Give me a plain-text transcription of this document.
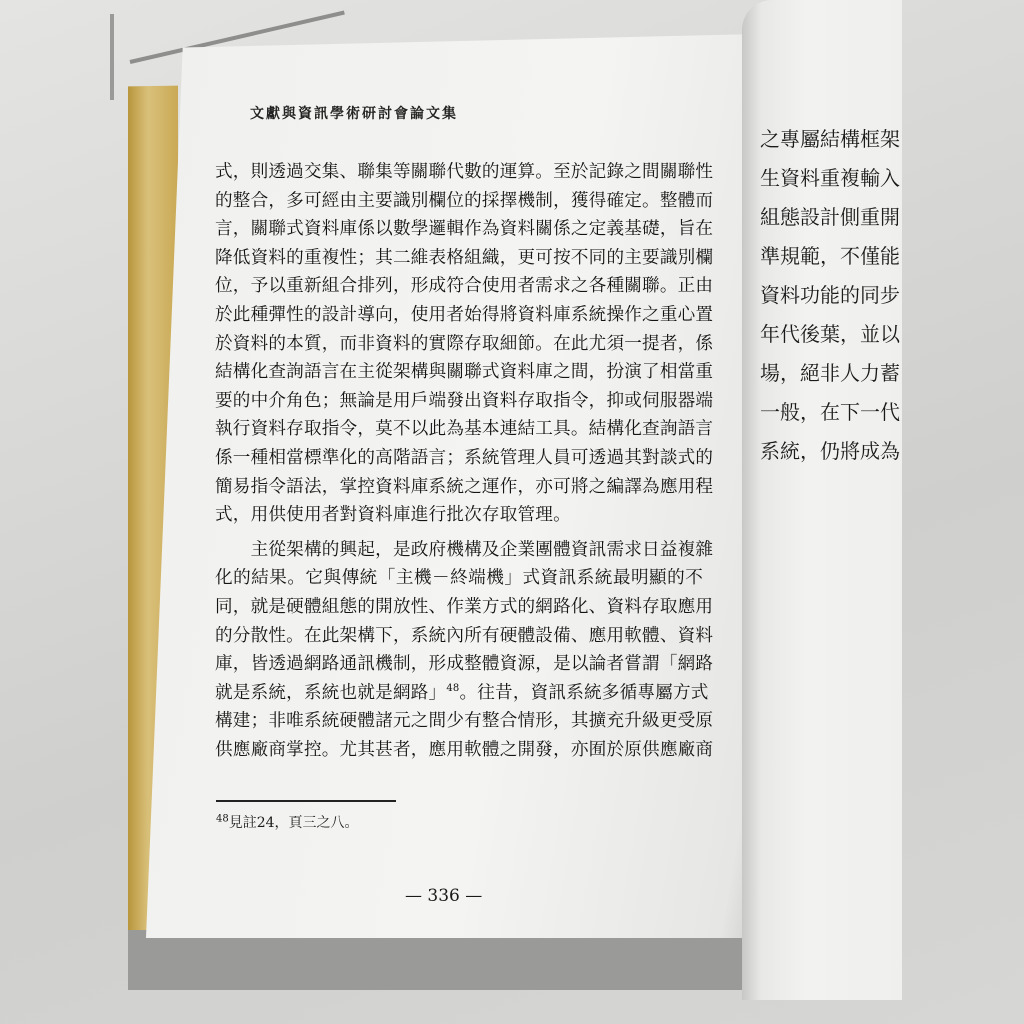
之專屬結構框架
生資料重複輸入
組態設計側重開
準規範，不僅能
資料功能的同步
年代後葉，並以
場，絕非人力蓄
一般，在下一代
系統，仍將成為
文獻與資訊學術研討會論文集
式，則透過交集、聯集等關聯代數的運算。至於記錄之間關聯性
的整合，多可經由主要識別欄位的採擇機制，獲得確定。整體而
言，關聯式資料庫係以數學邏輯作為資料關係之定義基礎，旨在
降低資料的重複性；其二維表格組織，更可按不同的主要識別欄
位，予以重新組合排列，形成符合使用者需求之各種關聯。正由
於此種彈性的設計導向，使用者始得將資料庫系統操作之重心置
於資料的本質，而非資料的實際存取細節。在此尤須一提者，係
結構化查詢語言在主從架構與關聯式資料庫之間，扮演了相當重
要的中介角色；無論是用戶端發出資料存取指令，抑或伺服器端
執行資料存取指令，莫不以此為基本連結工具。結構化查詢語言
係一種相當標準化的高階語言；系統管理人員可透過其對談式的
簡易指令語法，掌控資料庫系統之運作，亦可將之編譯為應用程
式，用供使用者對資料庫進行批次存取管理。
　　主從架構的興起，是政府機構及企業團體資訊需求日益複雜
化的結果。它與傳統「主機－終端機」式資訊系統最明顯的不
同，就是硬體組態的開放性、作業方式的網路化、資料存取應用
的分散性。在此架構下，系統內所有硬體設備、應用軟體、資料
庫，皆透過網路通訊機制，形成整體資源，是以論者嘗謂「網路
就是系統，系統也就是網路」$^{48}$。往昔，資訊系統多循專屬方式
構建；非唯系統硬體諸元之間少有整合情形，其擴充升級更受原
供應廠商掌控。尤其甚者，應用軟體之開發，亦囿於原供應廠商
$^{48}$見註24，頁三之八。
— 336 —
